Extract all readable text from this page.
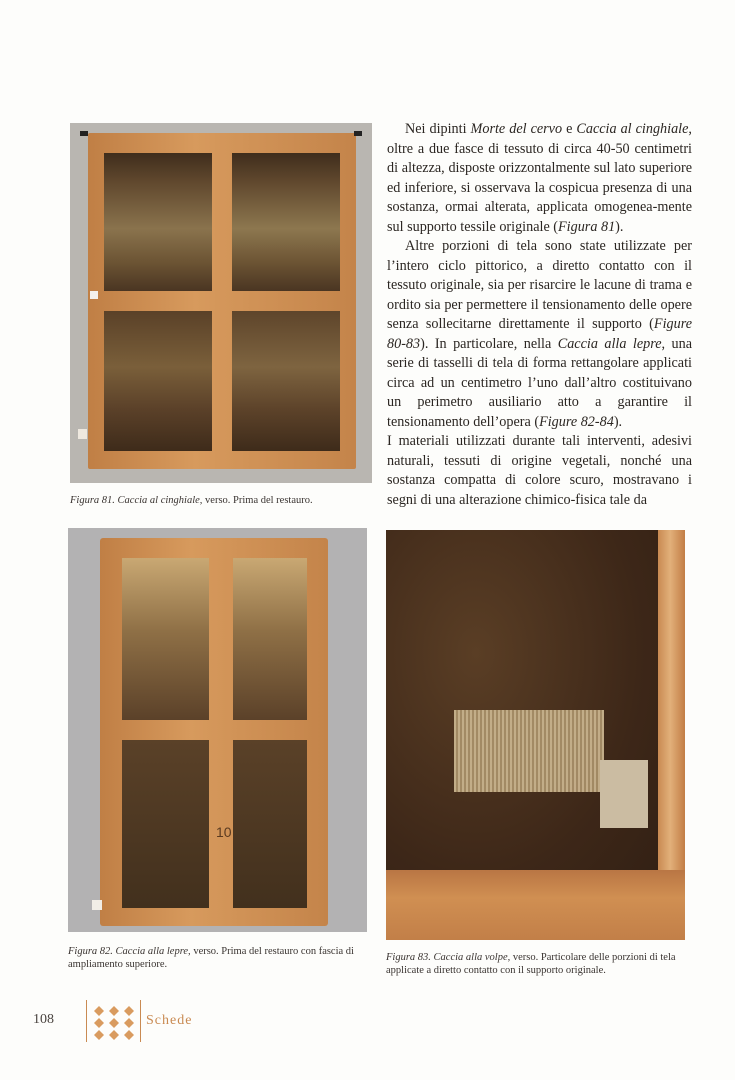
Figura 81. Caccia al cinghiale, verso. Prima del restauro.

Nei dipinti Morte del cervo e Caccia al cinghiale, oltre a due fasce di tessuto di circa 40-50 centimetri di altezza, disposte orizzontalmente sul lato superiore ed inferiore, si osservava la cospicua presenza di una sostanza, ormai alterata, applicata omogenea-mente sul supporto tessile originale (Figura 81).

Altre porzioni di tela sono state utilizzate per l’intero ciclo pittorico, a diretto contatto con il tessuto originale, sia per risarcire le lacune di trama e ordito sia per permettere il tensionamento delle opere senza sollecitarne direttamente il supporto (Figure 80-83). In particolare, nella Caccia alla lepre, una serie di tasselli di tela di forma rettangolare applicati circa ad un centimetro l’uno dall’altro costituivano un perimetro ausiliario atto a garantire il tensionamento dell’opera (Figure 82-84).

I materiali utilizzati durante tali interventi, adesivi naturali, tessuti di origine vegetali, nonché una sostanza compatta di colore scuro, mostravano i segni di una alterazione chimico-fisica tale da

10
Figura 82. Caccia alla lepre, verso. Prima del restauro con fascia di ampliamento superiore.
Figura 83. Caccia alla volpe, verso. Particolare delle porzioni di tela applicate a diretto contatto con il supporto originale.
108	Schede
